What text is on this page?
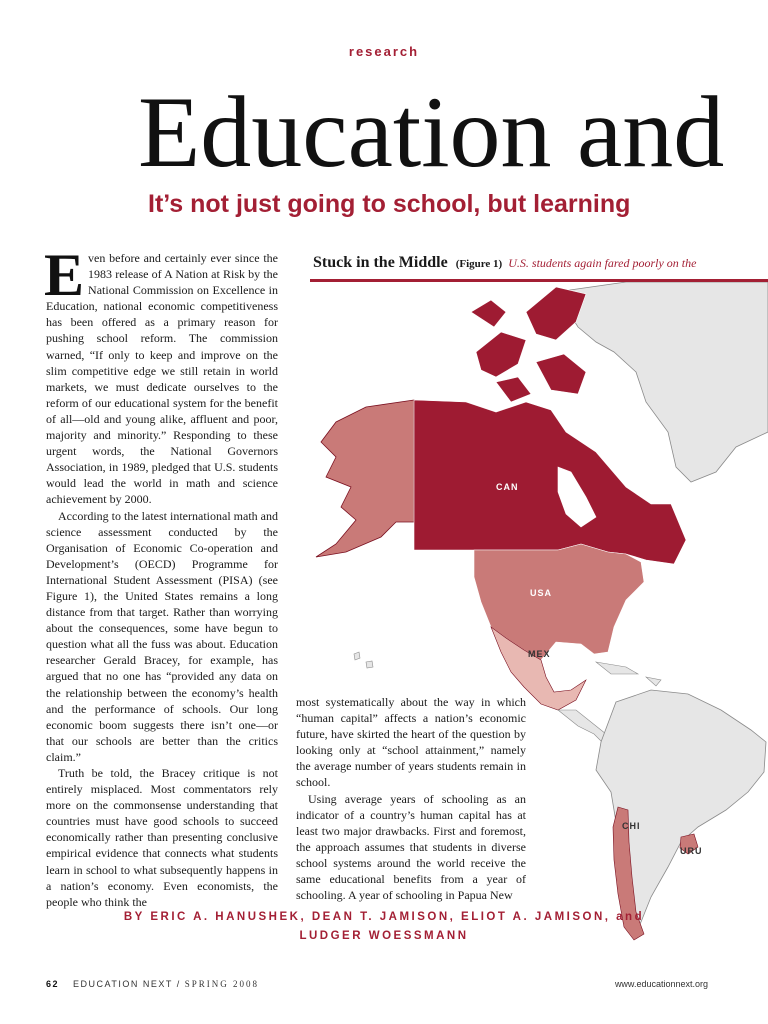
research
Education and
It’s not just going to school, but learning

Even before and certainly ever since the 1983 release of A Nation at Risk by the National Commission on Excellence in Education, national economic competitiveness has been offered as a primary reason for pushing school reform. The commission warned, “If only to keep and improve on the slim competitive edge we still retain in world markets, we must dedicate ourselves to the reform of our educational system for the benefit of all—old and young alike, affluent and poor, majority and minority.” Responding to these urgent words, the National Governors Association, in 1989, pledged that U.S. students would lead the world in math and science achievement by 2000.

According to the latest international math and science assessment conducted by the Organisation of Economic Co-operation and Development’s (OECD) Programme for International Student Assessment (PISA) (see Figure 1), the United States remains a long distance from that target. Rather than worrying about the consequences, some have begun to question what all the fuss was about. Education researcher Gerald Bracey, for example, has argued that no one has “provided any data on the relationship between the economy’s health and the performance of schools. Our long economic boom suggests there isn’t one—or that our schools are better than the critics claim.”

Truth be told, the Bracey critique is not entirely misplaced. Most commentators rely more on the commonsense understanding that countries must have good schools to succeed economically rather than presenting conclusive empirical evidence that connects what students learn in school to what subsequently happens in a nation’s economy. Even economists, the people who think the

Stuck in the Middle (Figure 1) U.S. students again fared poorly on the
CAN
USA
MEX
CHI
URU

most systematically about the way in which “human capital” affects a nation’s economic future, have skirted the heart of the question by looking only at “school attainment,” namely the average number of years students remain in school.

Using average years of schooling as an indicator of a country’s human capital has at least two major drawbacks. First and foremost, the approach assumes that students in diverse school systems around the world receive the same educational benefits from a year of schooling. A year of schooling in Papua New

BY ERIC A. HANUSHEK, DEAN T. JAMISON, ELIOT A. JAMISON, and
LUDGER WOESSMANN
62 EDUCATION NEXT / SPRING 2008	www.educationnext.org
